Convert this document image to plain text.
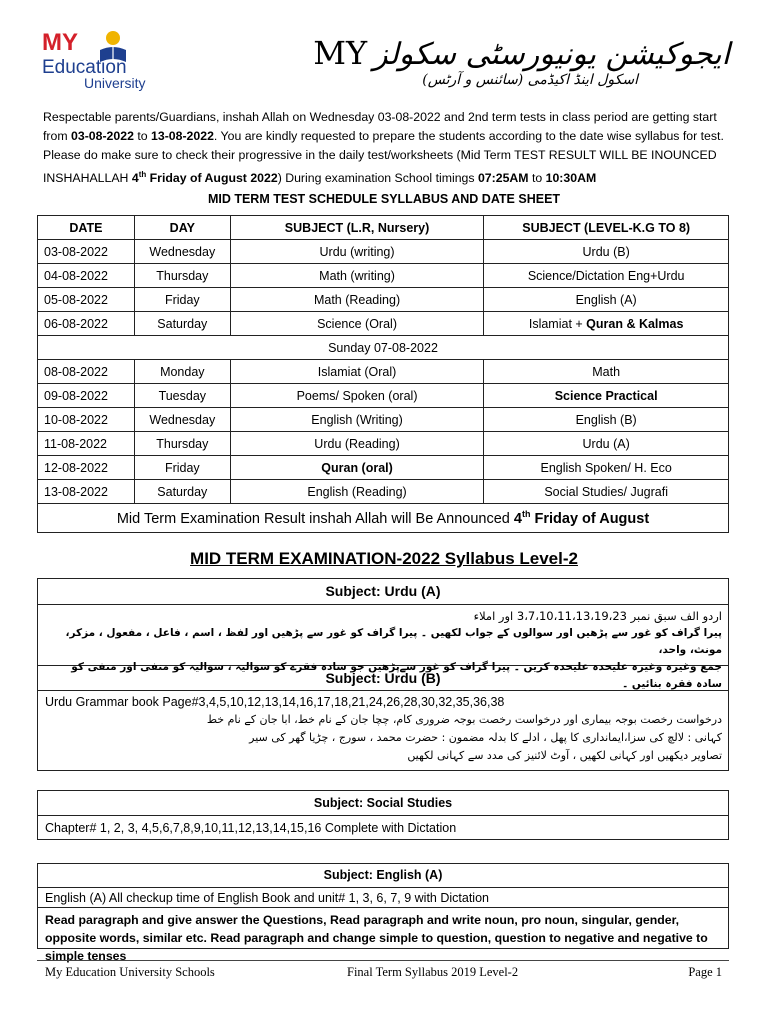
MY
Education
University
ایجوکیشن یونیورسٹی سکولزMY
اسکول اینڈ اکیڈمی (سائنس و آرٹس)
Respectable parents/Guardians, inshah Allah on Wednesday 03-08-2022 and 2nd term tests in class period are getting start from 03-08-2022 to 13-08-2022. You are kindly requested to prepare the students according to the date wise syllabus for test. Please do make sure to check their progressive in the daily test/worksheets (Mid Term TEST RESULT WILL BE INOUNCED INSHAHALLAH 4th Friday of August 2022) During examination School timings 07:25AM to 10:30AM
MID TERM TEST SCHEDULE SYLLABUS AND DATE SHEET
DATE	DAY	SUBJECT (L.R, Nursery)	SUBJECT (LEVEL-K.G TO 8)
03-08-2022	Wednesday	Urdu (writing)	Urdu (B)
04-08-2022	Thursday	Math (writing)	Science/Dictation Eng+Urdu
05-08-2022	Friday	Math (Reading)	English (A)
06-08-2022	Saturday	Science (Oral)	Islamiat + Quran & Kalmas
Sunday 07-08-2022			
08-08-2022	Monday	Islamiat (Oral)	Math
09-08-2022	Tuesday	Poems/ Spoken (oral)	Science Practical
10-08-2022	Wednesday	English (Writing)	English (B)
11-08-2022	Thursday	Urdu (Reading)	Urdu (A)
12-08-2022	Friday	Quran (oral)	English Spoken/ H. Eco
13-08-2022	Saturday	English (Reading)	Social Studies/ Jugrafi
Mid Term Examination Result inshah Allah will Be Announced 4th Friday of August			
MID TERM EXAMINATION-2022 Syllabus Level-2
Subject: Urdu (A)
اردو الف سبق نمبر 3،7،10،11،13،19،23 اور املاء
پیرا گراف کو غور سے پڑھیں اور سوالوں کے جواب لکھیں ۔ پیرا گراف کو غور سے پڑھیں اور لفظ ، اسم ، فاعل ، مفعول ، مزکر، مونث، واحد،
جمع وغیرہ وغیرہ علیحدہ علیحدہ کریں ۔ پیرا گراف کو غور سےپڑھیں جو سادہ فقرے کو سوالیہ ، سوالیہ کو منفی اور منفی کو سادہ فقرہ بنائیں ۔
Subject: Urdu (B)
Urdu Grammar book Page#3,4,5,10,12,13,14,16,17,18,21,24,26,28,30,32,35,36,38
درخواست رخصت بوجہ بیماری اور درخواست رخصت بوجہ ضروری کام، چچا جان کے نام خط، ابا جان کے نام خط
کہانی : لالچ کی سزا،ایمانداری کا پھل ، ادلے کا بدلہ مضمون : حضرت محمد ، سورج ، چڑیا گھر کی سیر
تصاویر دیکھیں اور کہانی لکھیں ، آوٹ لائنیز کی مدد سے کہانی لکھیں
Subject: Social Studies
Chapter# 1, 2, 3, 4,5,6,7,8,9,10,11,12,13,14,15,16 Complete with Dictation
Subject: English (A)
English (A) All checkup time of English Book and unit# 1, 3, 6, 7, 9 with Dictation
Read paragraph and give answer the Questions, Read paragraph and write noun, pro noun, singular, gender, opposite words, similar etc. Read paragraph and change simple to question, question to negative and negative to simple tenses
My Education University Schools	Final Term Syllabus 2019 Level-2	Page 1
